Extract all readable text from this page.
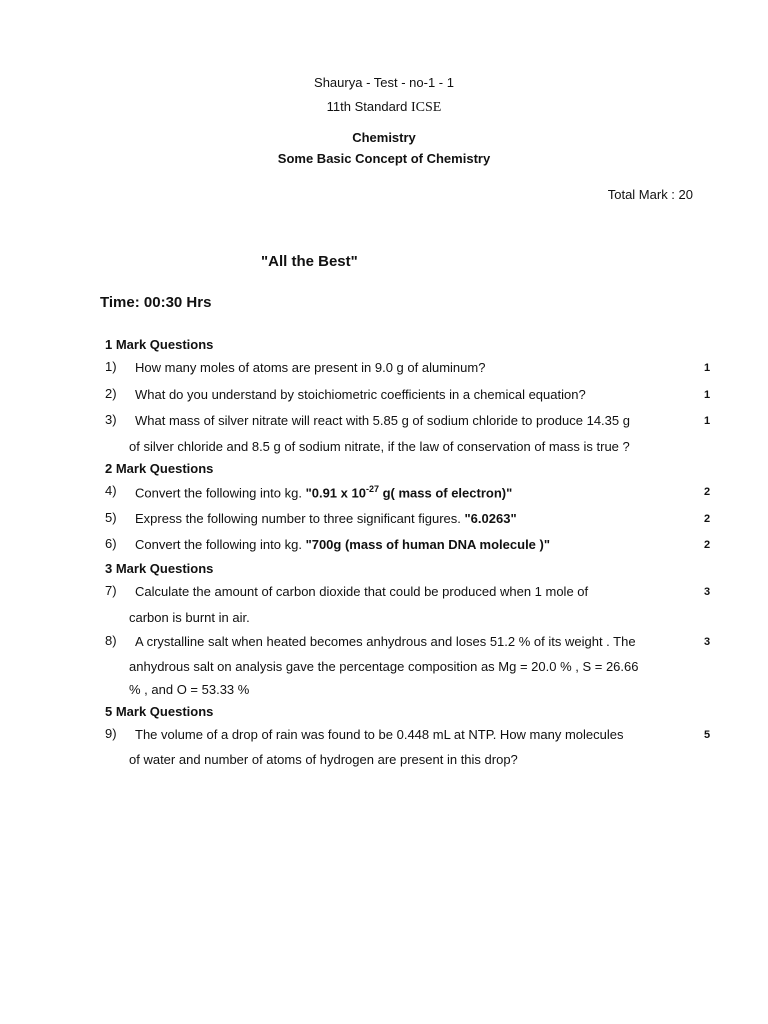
Shaurya - Test - no-1 - 1
11th Standard ICSE
Chemistry
Some Basic Concept of Chemistry
Total Mark : 20
"All the Best"
Time: 00:30 Hrs
1 Mark Questions
1) How many moles of atoms are present in 9.0 g of aluminum?	1
2) What do you understand by stoichiometric coefficients in a chemical equation?	1
3) What mass of silver nitrate will react with 5.85 g of sodium chloride to produce 14.35 g
of silver chloride and 8.5 g of sodium nitrate, if the law of conservation of mass is true ?
1
2 Mark Questions
4) Convert the following into kg. "0.91 x $10^{-27}$ g( mass of electron)"	2
5) Express the following number to three significant figures. "6.0263"	2
6) Convert the following into kg. "700g (mass of human DNA molecule )"	2
3 Mark Questions
7) Calculate the amount of carbon dioxide that could be produced when 1 mole of
carbon is burnt in air.
3
8) A crystalline salt when heated becomes anhydrous and loses 51.2 % of its weight . The
anhydrous salt on analysis gave the percentage composition as Mg = 20.0 % , S = 26.66
% , and O = 53.33 %
3
5 Mark Questions
9) The volume of a drop of rain was found to be 0.448 mL at NTP. How many molecules
of water and number of atoms of hydrogen are present in this drop?
5
